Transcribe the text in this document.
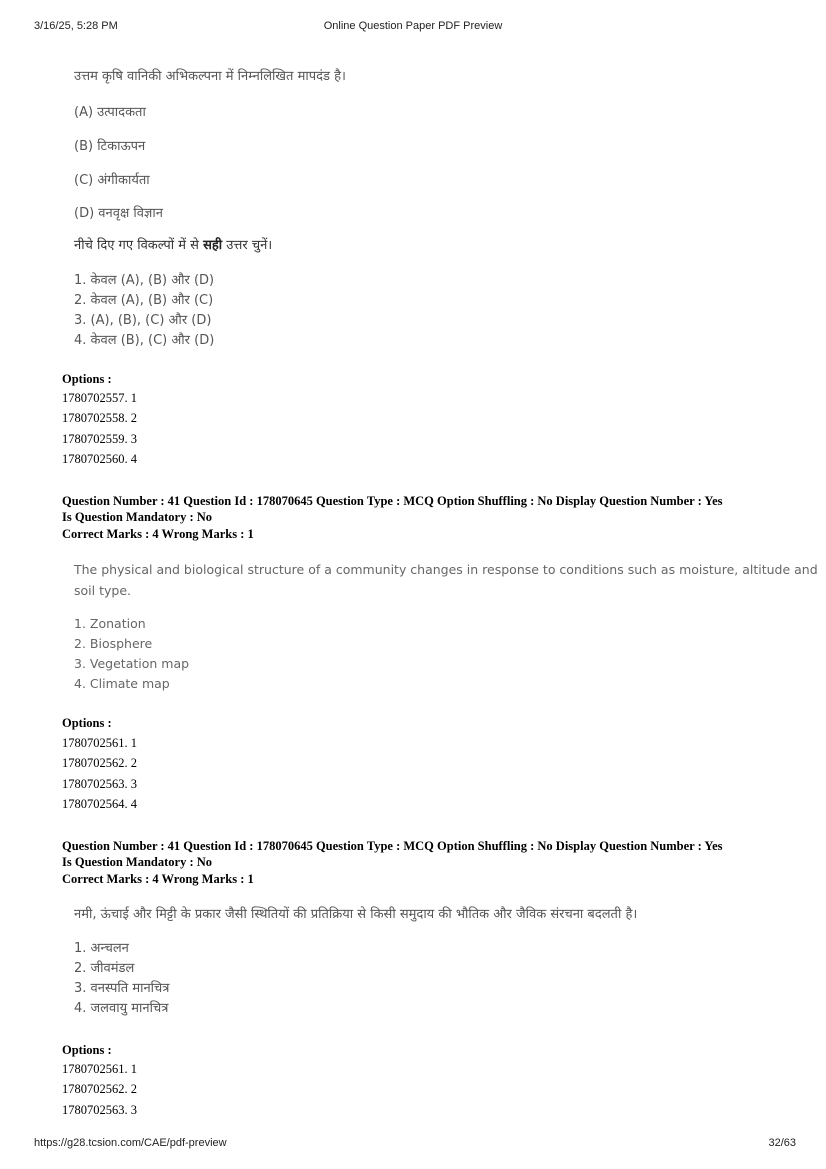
3/16/25, 5:28 PM	Online Question Paper PDF Preview
https://g28.tcsion.com/CAE/pdf-preview	32/63
उत्तम कृषि वानिकी अभिकल्पना में निम्नलिखित मापदंड है।
(A) उत्पादकता
(B) टिकाऊपन
(C) अंगीकार्यता
(D) वनवृक्ष विज्ञान
नीचे दिए गए विकल्पों में से सही उत्तर चुनें।
1. केवल (A), (B) और (D)
2. केवल (A), (B) और (C)
3. (A), (B), (C) और (D)
4. केवल (B), (C) और (D)
Options :
1780702557. 1
1780702558. 2
1780702559. 3
1780702560. 4
Question Number : 41 Question Id : 178070645 Question Type : MCQ Option Shuffling : No Display Question Number : Yes
Is Question Mandatory : No
Correct Marks : 4 Wrong Marks : 1
The physical and biological structure of a community changes in response to conditions such as moisture, altitude and
soil type.
1. Zonation
2. Biosphere
3. Vegetation map
4. Climate map
Options :
1780702561. 1
1780702562. 2
1780702563. 3
1780702564. 4
Question Number : 41 Question Id : 178070645 Question Type : MCQ Option Shuffling : No Display Question Number : Yes
Is Question Mandatory : No
Correct Marks : 4 Wrong Marks : 1
नमी, ऊंचाई और मिट्टी के प्रकार जैसी स्थितियों की प्रतिक्रिया से किसी समुदाय की भौतिक और जैविक संरचना बदलती है।
1. अन्चलन
2. जीवमंडल
3. वनस्पति मानचित्र
4. जलवायु मानचित्र
Options :
1780702561. 1
1780702562. 2
1780702563. 3
